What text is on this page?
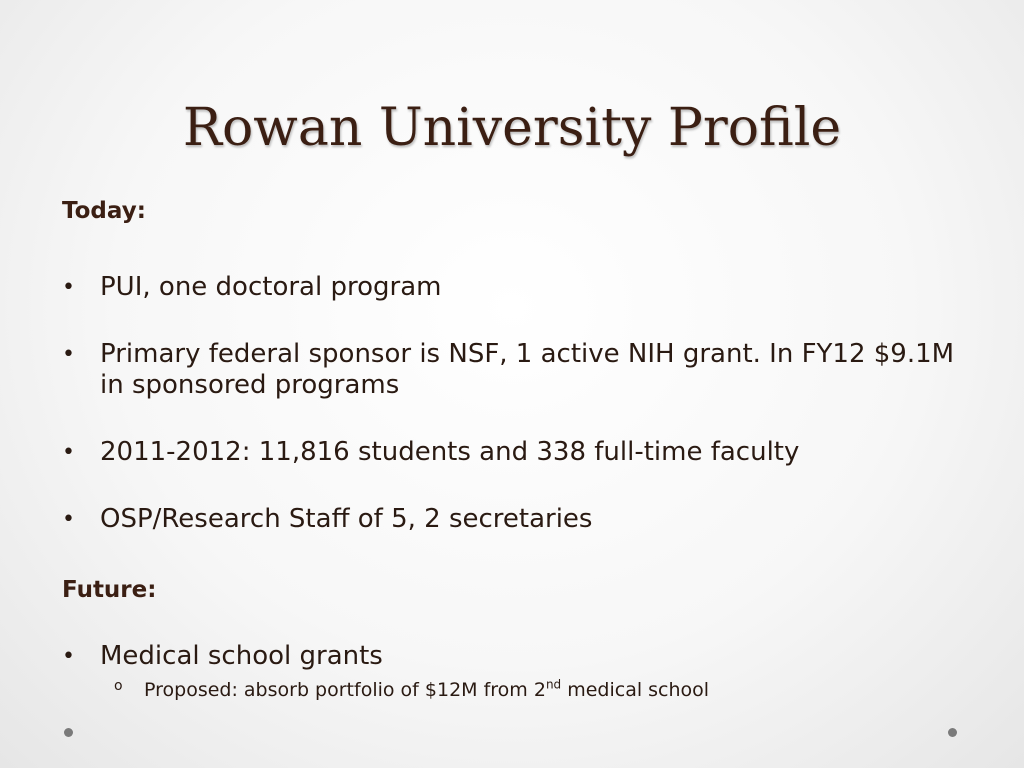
Rowan University Profile
Today:
• PUI, one doctoral program
• Primary federal sponsor is NSF, 1 active NIH grant. In FY12 $9.1M in sponsored programs
• 2011-2012: 11,816 students and 338 full-time faculty
• OSP/Research Staff of 5, 2 secretaries
Future:
• Medical school grants
o Proposed: absorb portfolio of $12M from 2nd medical school
